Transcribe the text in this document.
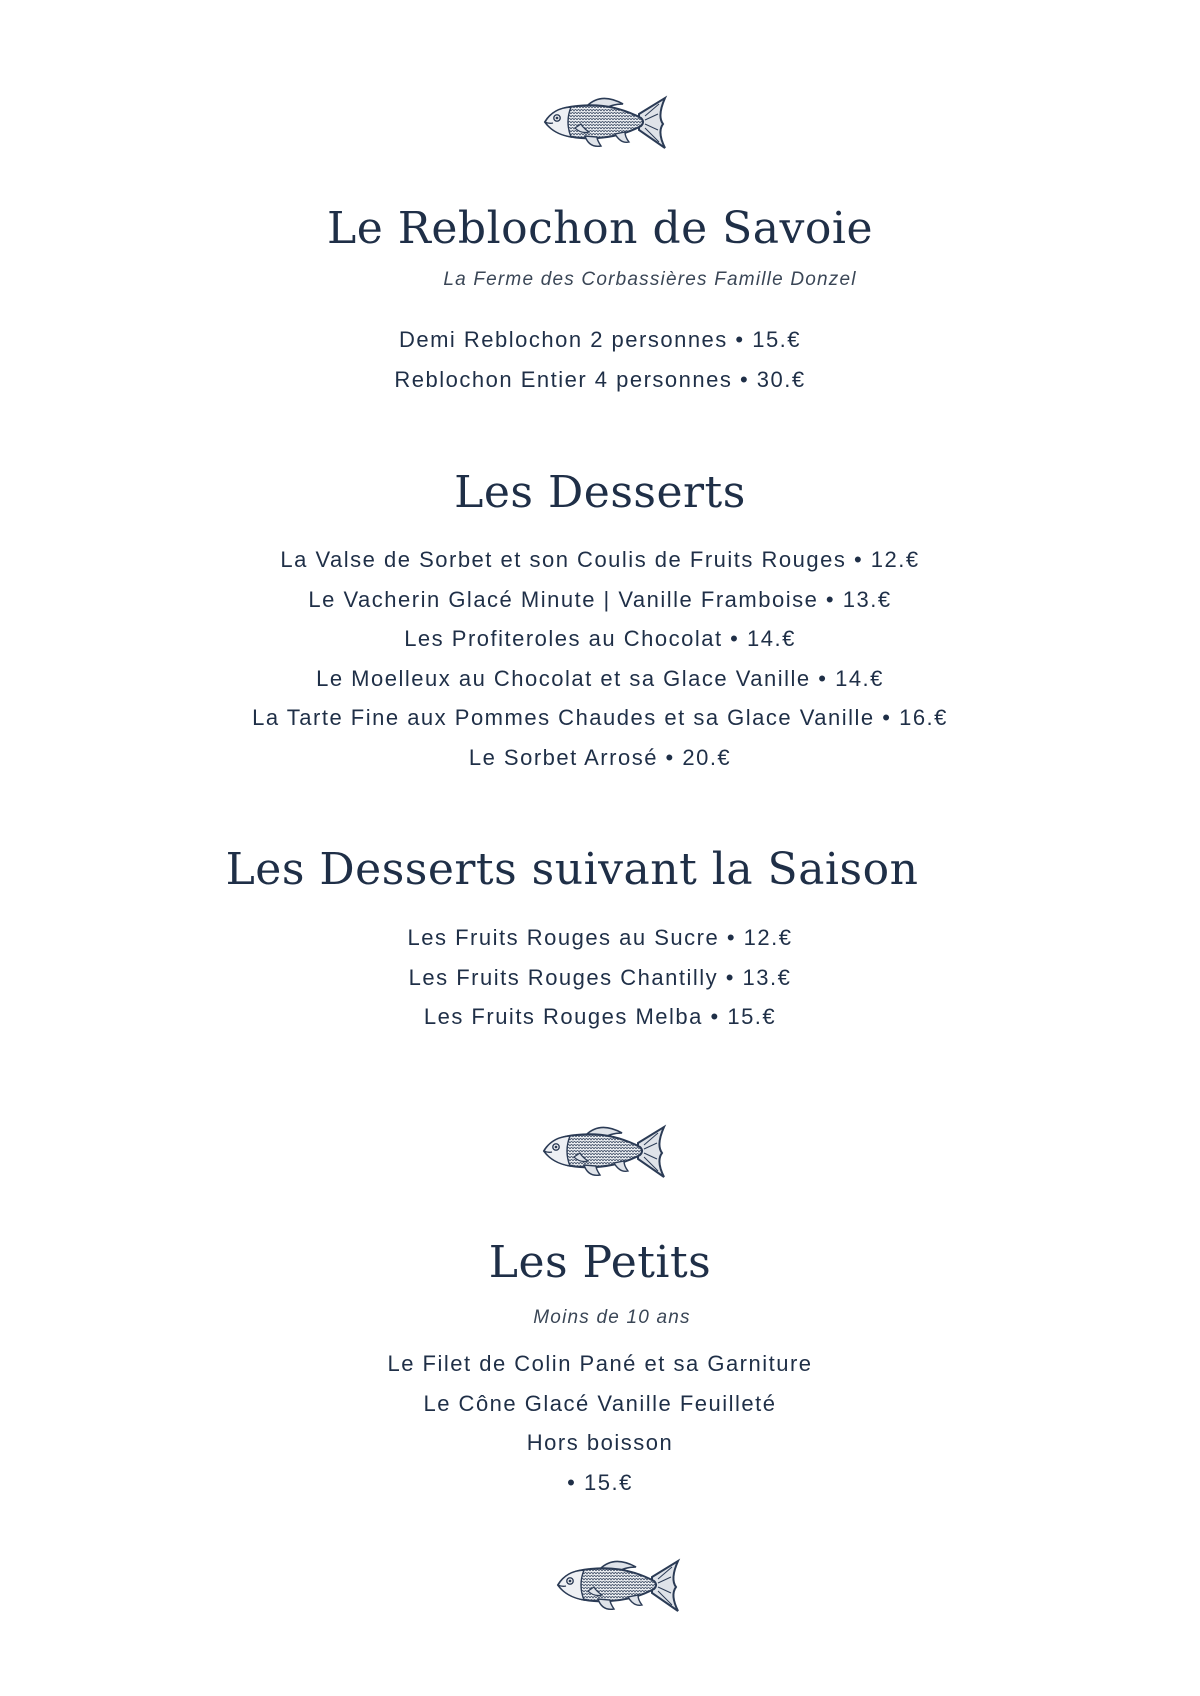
Le Reblochon de Savoie

La Ferme des Corbassières Famille Donzel

Demi Reblochon 2 personnes • 15.€
Reblochon Entier 4 personnes • 30.€
Les Desserts
La Valse de Sorbet et son Coulis de Fruits Rouges • 12.€
Le Vacherin Glacé Minute | Vanille Framboise • 13.€
Les Profiteroles au Chocolat • 14.€
Le Moelleux au Chocolat et sa Glace Vanille • 14.€
La Tarte Fine aux Pommes Chaudes et sa Glace Vanille • 16.€
Le Sorbet Arrosé • 20.€
Les Desserts suivant la Saison
Les Fruits Rouges au Sucre • 12.€
Les Fruits Rouges Chantilly • 13.€
Les Fruits Rouges Melba • 15.€
Les Petits

Moins de 10 ans

Le Filet de Colin Pané et sa Garniture
Le Cône Glacé Vanille Feuilleté
Hors boisson
• 15.€
